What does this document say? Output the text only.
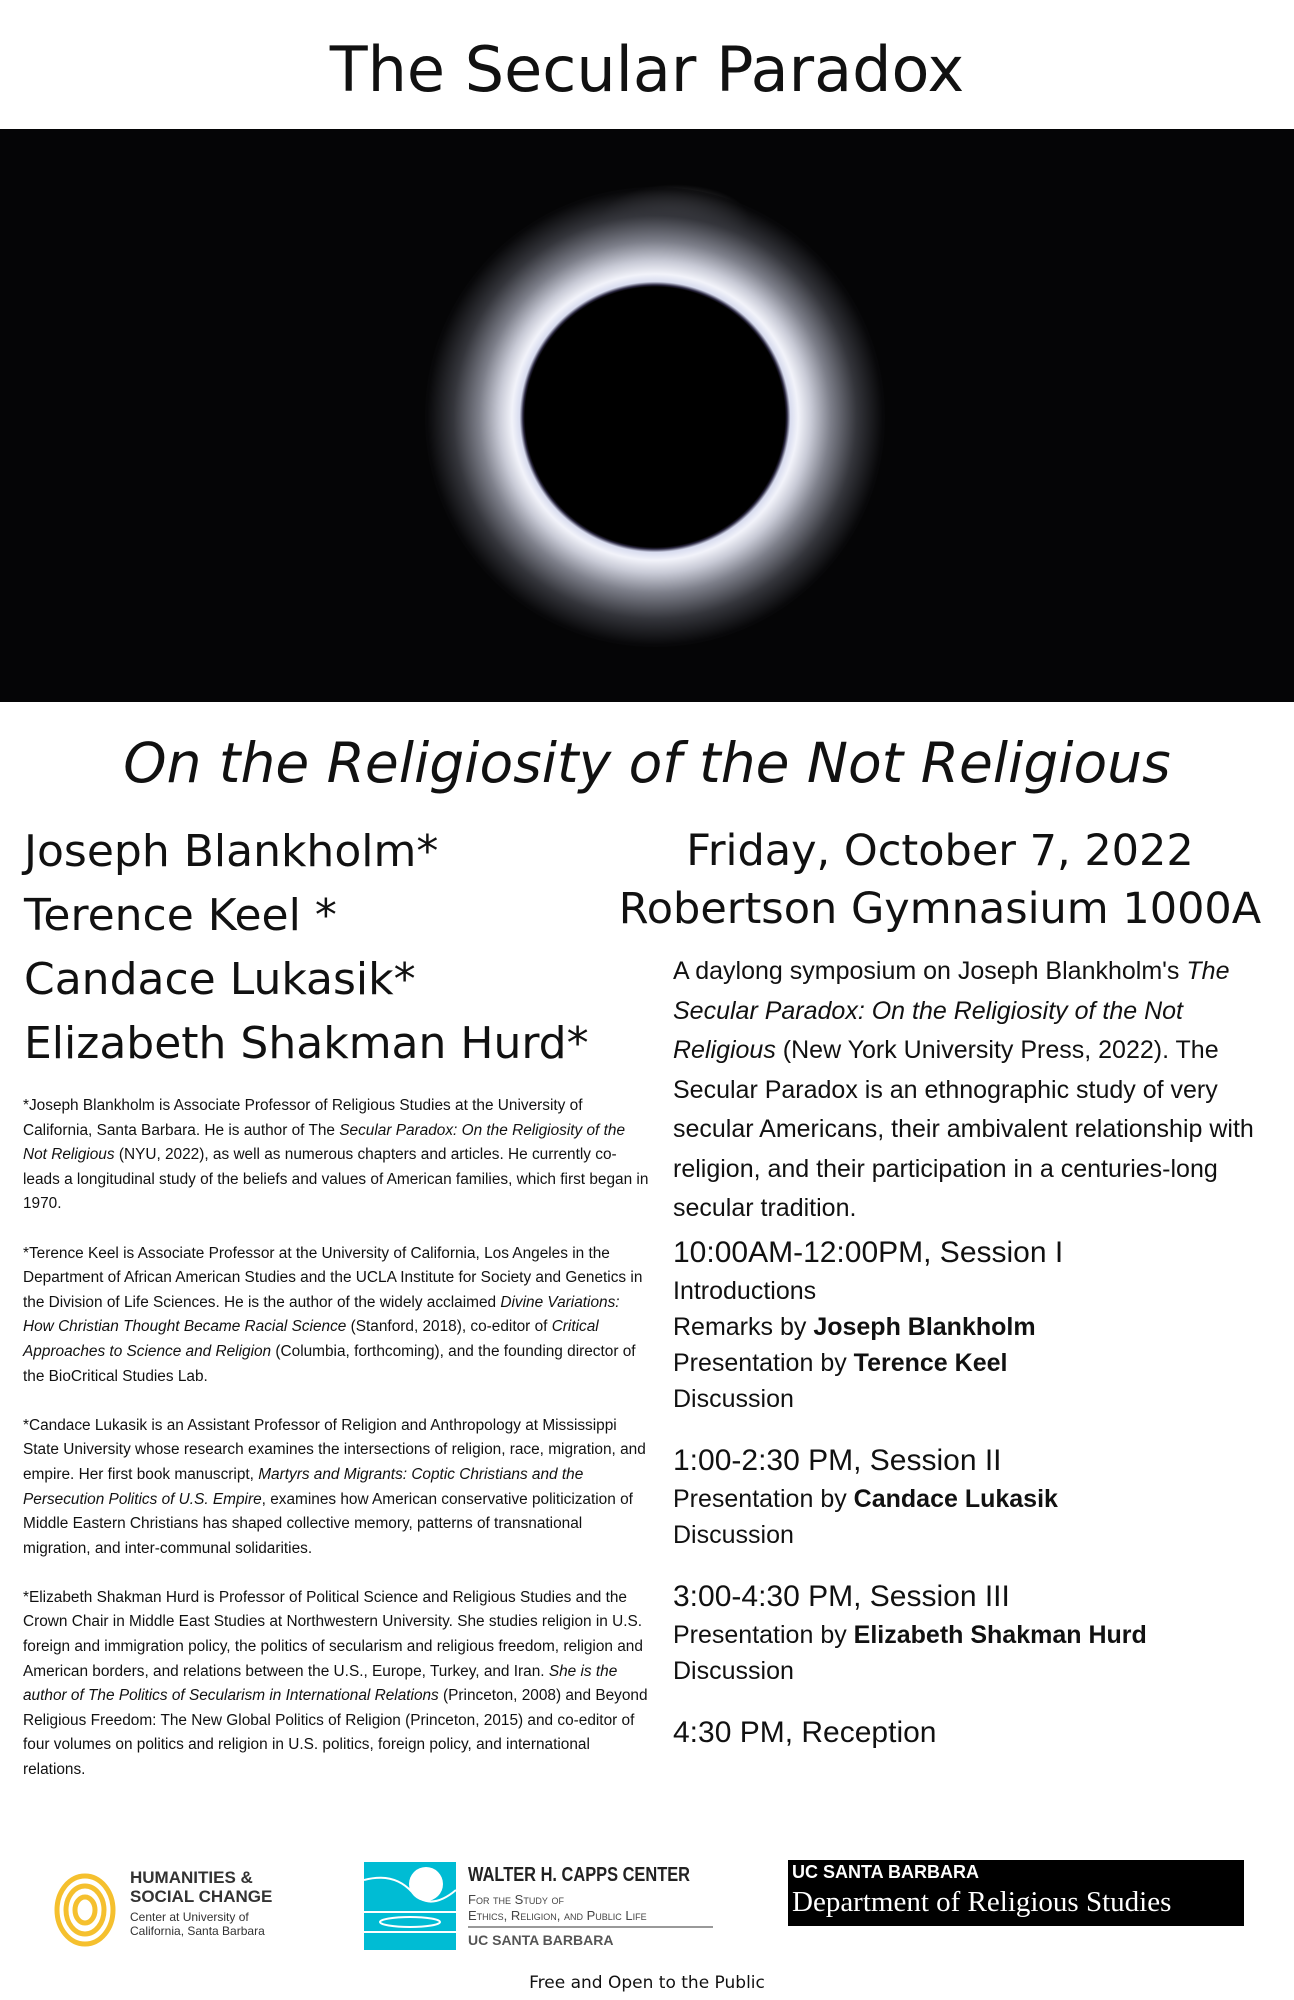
The Secular Paradox
On the Religiosity of the Not Religious
Joseph Blankholm*
Terence Keel *
Candace Lukasik*
Elizabeth Shakman Hurd*
Friday, October 7, 2022
Robertson Gymnasium 1000A
A daylong symposium on Joseph Blankholm's The Secular Paradox: On the Religiosity of the Not Religious (New York University Press, 2022). The Secular Paradox is an ethnographic study of very secular Americans, their ambivalent relationship with religion, and their participation in a centuries-long secular tradition.
10:00AM-12:00PM, Session I
Introductions
Remarks by Joseph Blankholm
Presentation by Terence Keel
Discussion
1:00-2:30 PM, Session II
Presentation by Candace Lukasik
Discussion
3:00-4:30 PM, Session III
Presentation by Elizabeth Shakman Hurd
Discussion
4:30 PM, Reception
*Joseph Blankholm is Associate Professor of Religious Studies at the University of California, Santa Barbara. He is author of The Secular Paradox: On the Religiosity of the Not Religious (NYU, 2022), as well as numerous chapters and articles. He currently co-leads a longitudinal study of the beliefs and values of American families, which first began in 1970.
*Terence Keel is Associate Professor at the University of California, Los Angeles in the Department of African American Studies and the UCLA Institute for Society and Genetics in the Division of Life Sciences. He is the author of the widely acclaimed Divine Variations: How Christian Thought Became Racial Science (Stanford, 2018), co-editor of Critical Approaches to Science and Religion (Columbia, forthcoming), and the founding director of the BioCritical Studies Lab.
*Candace Lukasik is an Assistant Professor of Religion and Anthropology at Mississippi State University whose research examines the intersections of religion, race, migration, and empire. Her first book manuscript, Martyrs and Migrants: Coptic Christians and the Persecution Politics of U.S. Empire, examines how American conservative politicization of Middle Eastern Christians has shaped collective memory, patterns of transnational migration, and inter-communal solidarities.
*Elizabeth Shakman Hurd is Professor of Political Science and Religious Studies and the Crown Chair in Middle East Studies at Northwestern University. She studies religion in U.S. foreign and immigration policy, the politics of secularism and religious freedom, religion and American borders, and relations between the U.S., Europe, Turkey, and Iran. She is the author of The Politics of Secularism in International Relations (Princeton, 2008) and Beyond Religious Freedom: The New Global Politics of Religion (Princeton, 2015) and co-editor of four volumes on politics and religion in U.S. politics, foreign policy, and international relations.
HUMANITIES &
SOCIAL CHANGE
Center at University of
California, Santa Barbara
WALTER H. CAPPS CENTER
For the Study of
Ethics, Religion, and Public Life
UC SANTA BARBARA
UC SANTA BARBARA
Department of Religious Studies
Free and Open to the Public
